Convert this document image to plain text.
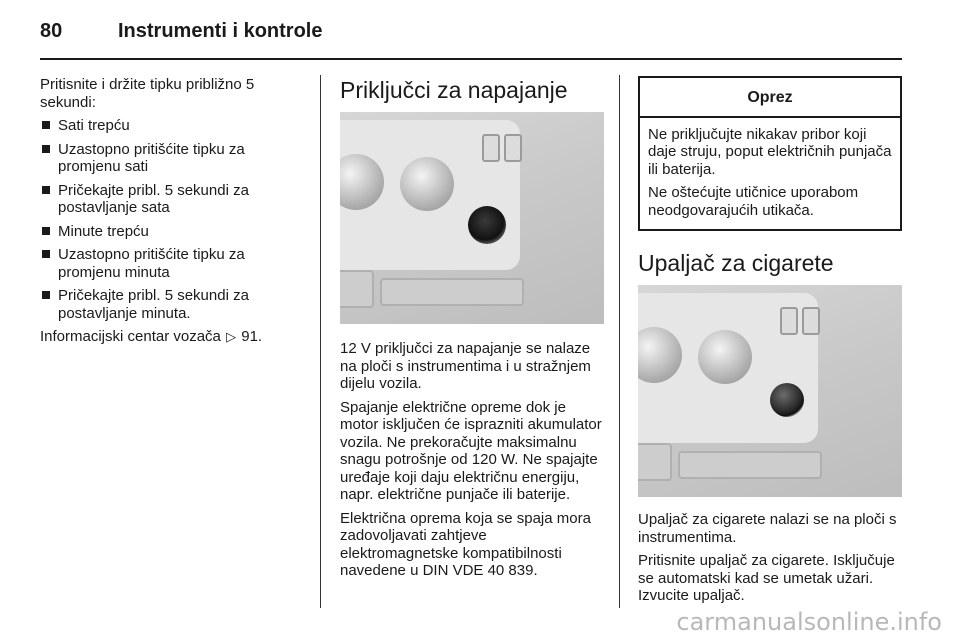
80	Instrumenti i kontrole

Pritisnite i držite tipku približno 5 sekundi:

Sati trepću
Uzastopno pritišćite tipku za promjenu sati
Pričekajte pribl. 5 sekundi za postavljanje sata
Minute trepću
Uzastopno pritišćite tipku za promjenu minuta
Pričekajte pribl. 5 sekundi za postavljanje minuta.

Informacijski centar vozača ▷ 91.

Priključci za napajanje

12 V priključci za napajanje se nalaze na ploči s instrumentima i u stražnjem dijelu vozila.

Spajanje električne opreme dok je motor isključen će isprazniti akumulator vozila. Ne prekoračujte maksimalnu snagu potrošnje od 120 W. Ne spajajte uređaje koji daju električnu energiju, napr. električne punjače ili baterije.

Električna oprema koja se spaja mora zadovoljavati zahtjeve elektromagnetske kompatibilnosti navedene u DIN VDE 40 839.

Oprez

Ne priključujte nikakav pribor koji daje struju, poput električnih punjača ili baterija.

Ne oštećujte utičnice uporabom neodgovarajućih utikača.

Upaljač za cigarete

Upaljač za cigarete nalazi se na ploči s instrumentima.

Pritisnite upaljač za cigarete. Isključuje se automatski kad se umetak užari. Izvucite upaljač.

carmanualsonline.info
